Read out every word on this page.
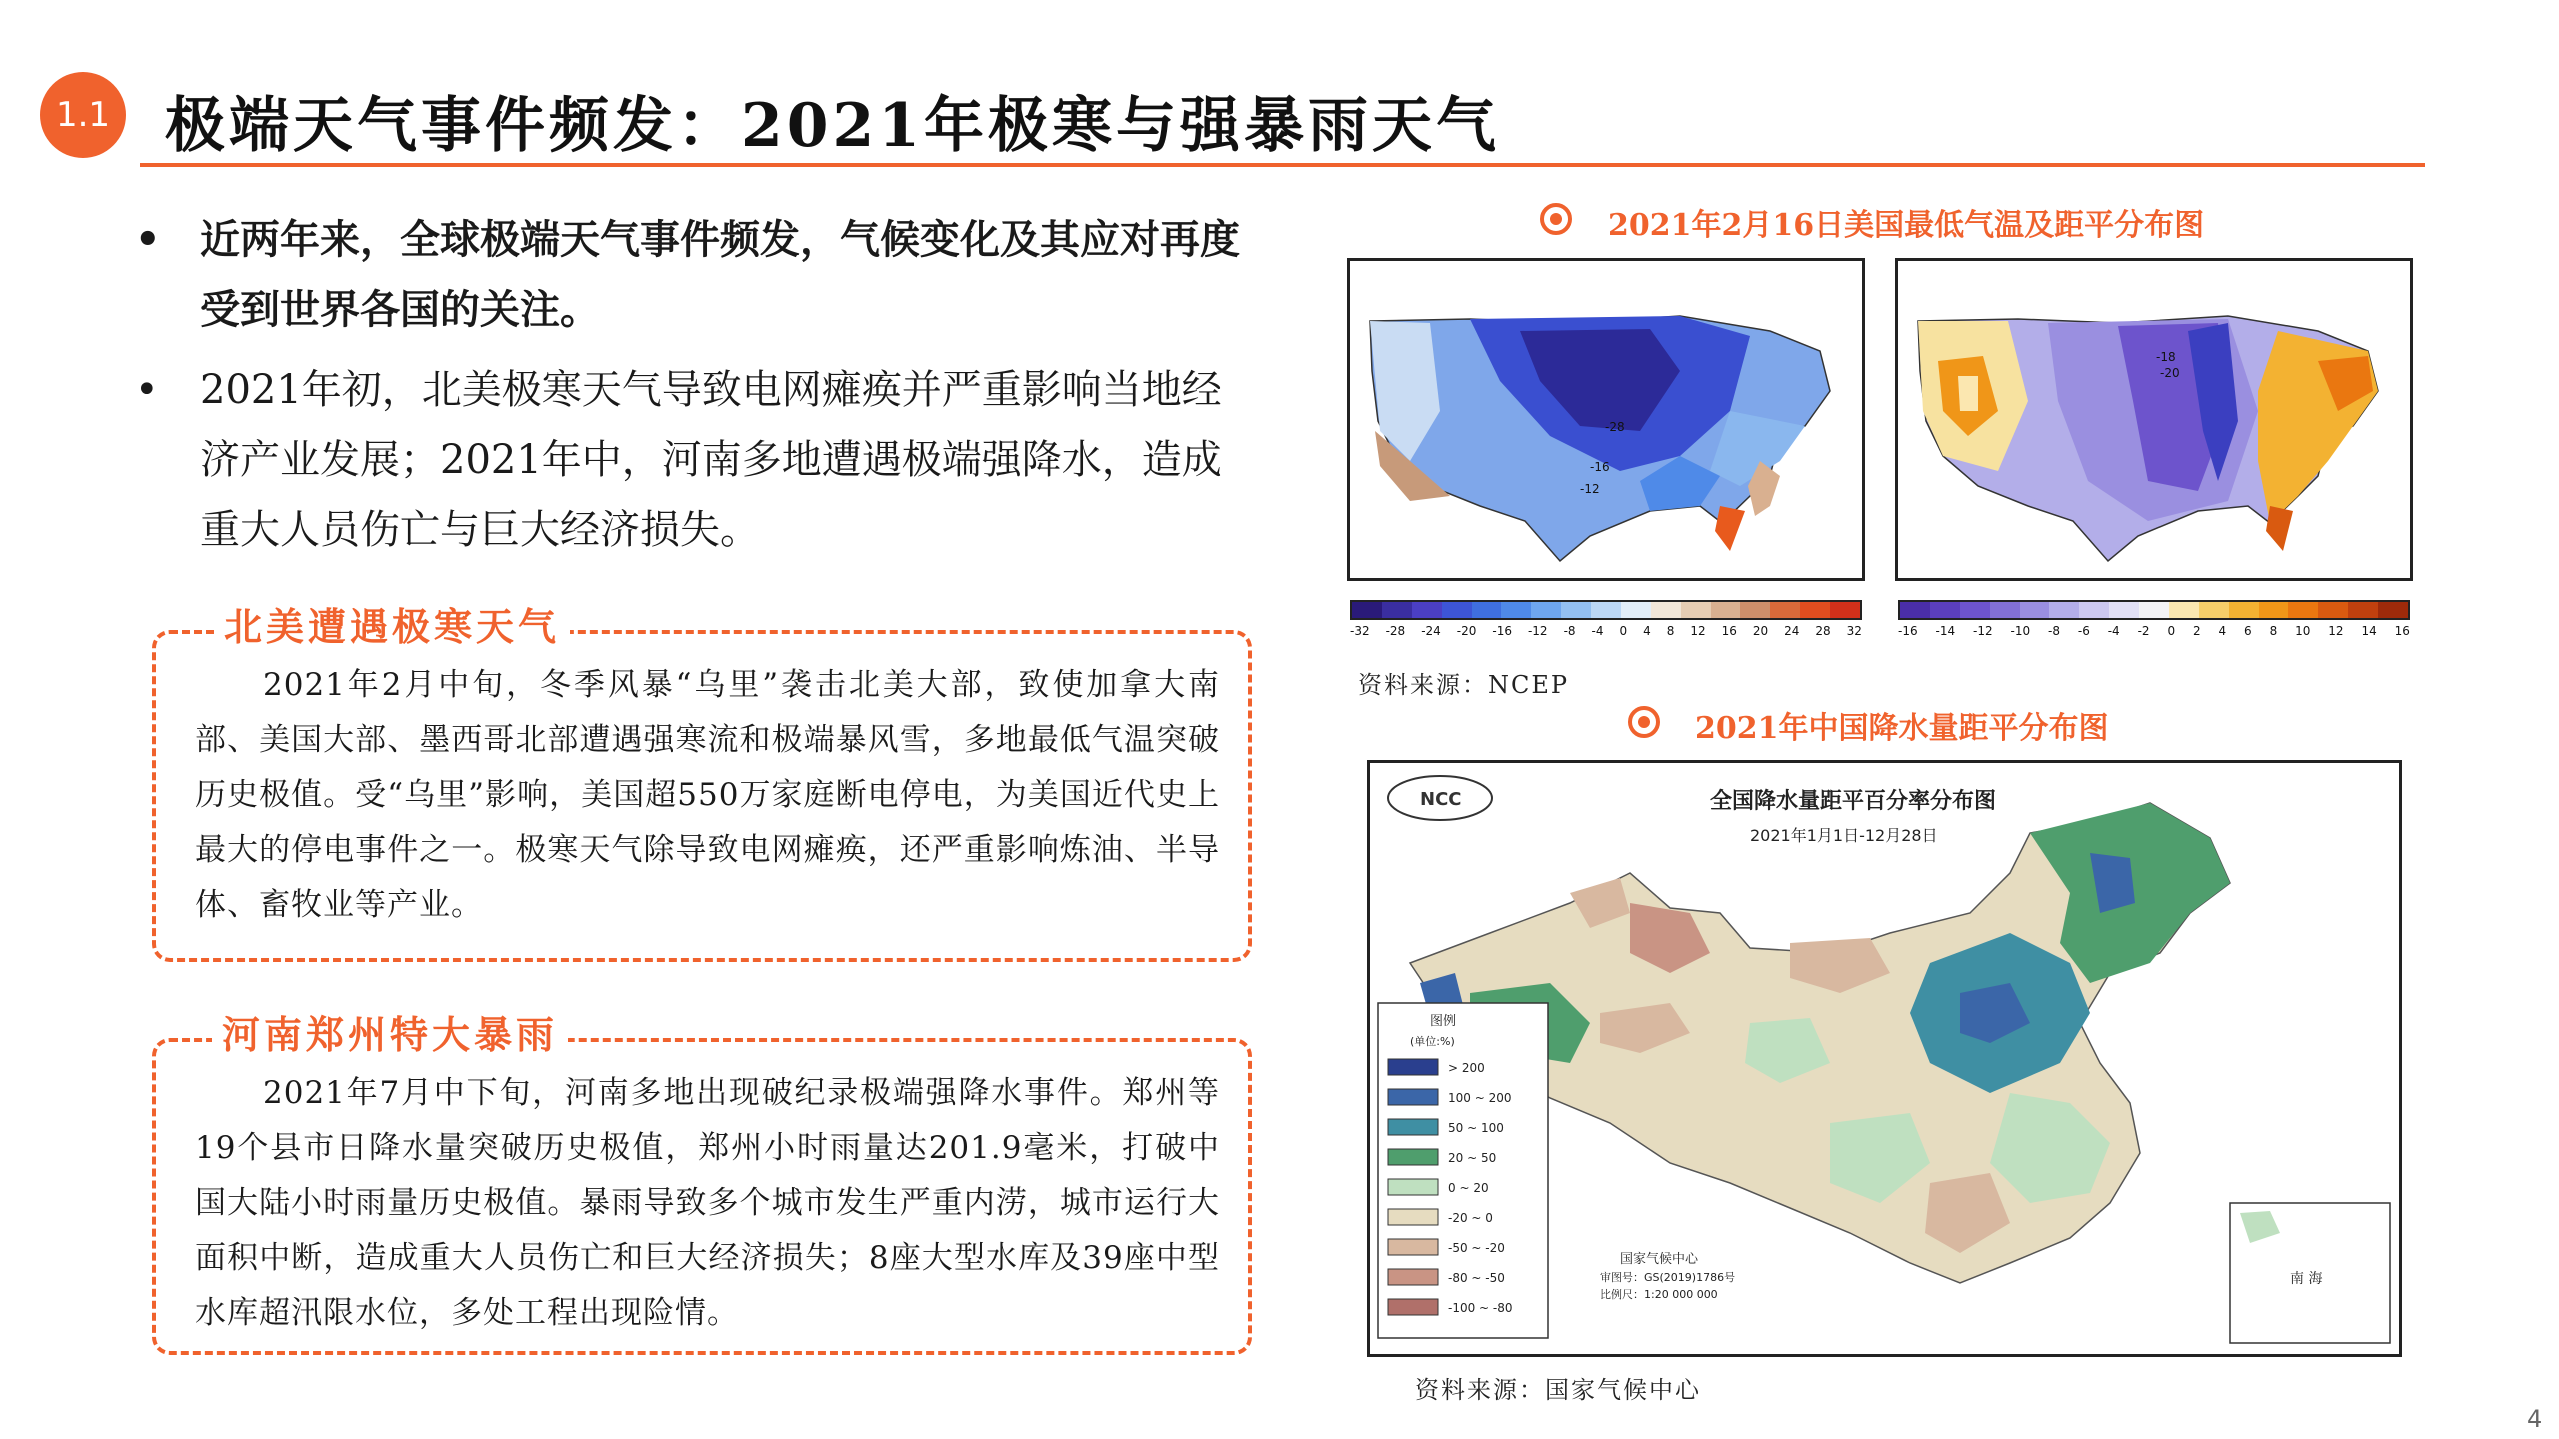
1.1 极端天气事件频发：2021年极寒与强暴雨天气
• 近两年来，全球极端天气事件频发，气候变化及其应对再度受到世界各国的关注。
• 2021年初，北美极寒天气导致电网瘫痪并严重影响当地经济产业发展；2021年中，河南多地遭遇极端强降水，造成重大人员伤亡与巨大经济损失。
北美遭遇极寒天气
2021年2月中旬，冬季风暴“乌里”袭击北美大部，致使加拿大南部、美国大部、墨西哥北部遭遇强寒流和极端暴风雪，多地最低气温突破历史极值。受“乌里”影响，美国超550万家庭断电停电，为美国近代史上最大的停电事件之一。极寒天气除导致电网瘫痪，还严重影响炼油、半导体、畜牧业等产业。
河南郑州特大暴雨
2021年7月中下旬，河南多地出现破纪录极端强降水事件。郑州等19个县市日降水量突破历史极值，郑州小时雨量达201.9毫米，打破中国大陆小时雨量历史极值。暴雨导致多个城市发生严重内涝，城市运行大面积中断，造成重大人员伤亡和巨大经济损失；8座大型水库及39座中型水库超汛限水位，多处工程出现险情。
2021年2月16日美国最低气温及距平分布图
-28
-16
-12
-18
-20
-32 -28 -24 -20 -16 -12 -8 -4 0 4 8 12 16 20 24 28 32	-16 -14 -12 -10 -8 -6 -4 -2 0 2 4 6 8 10 12 14 16
资料来源：NCEP
2021年中国降水量距平分布图
NCC	全国降水量距平百分率分布图
2021年1月1日-12月28日
图例
(单位:%)
> 200
100 ~ 200
50 ~ 100
20 ~ 50
0 ~ 20
-20 ~ 0
-50 ~ -20
-80 ~ -50
-100 ~ -80
国家气候中心
审图号：GS(2019)1786号
比例尺：1:20 000 000
南 海
资料来源：国家气候中心
4
